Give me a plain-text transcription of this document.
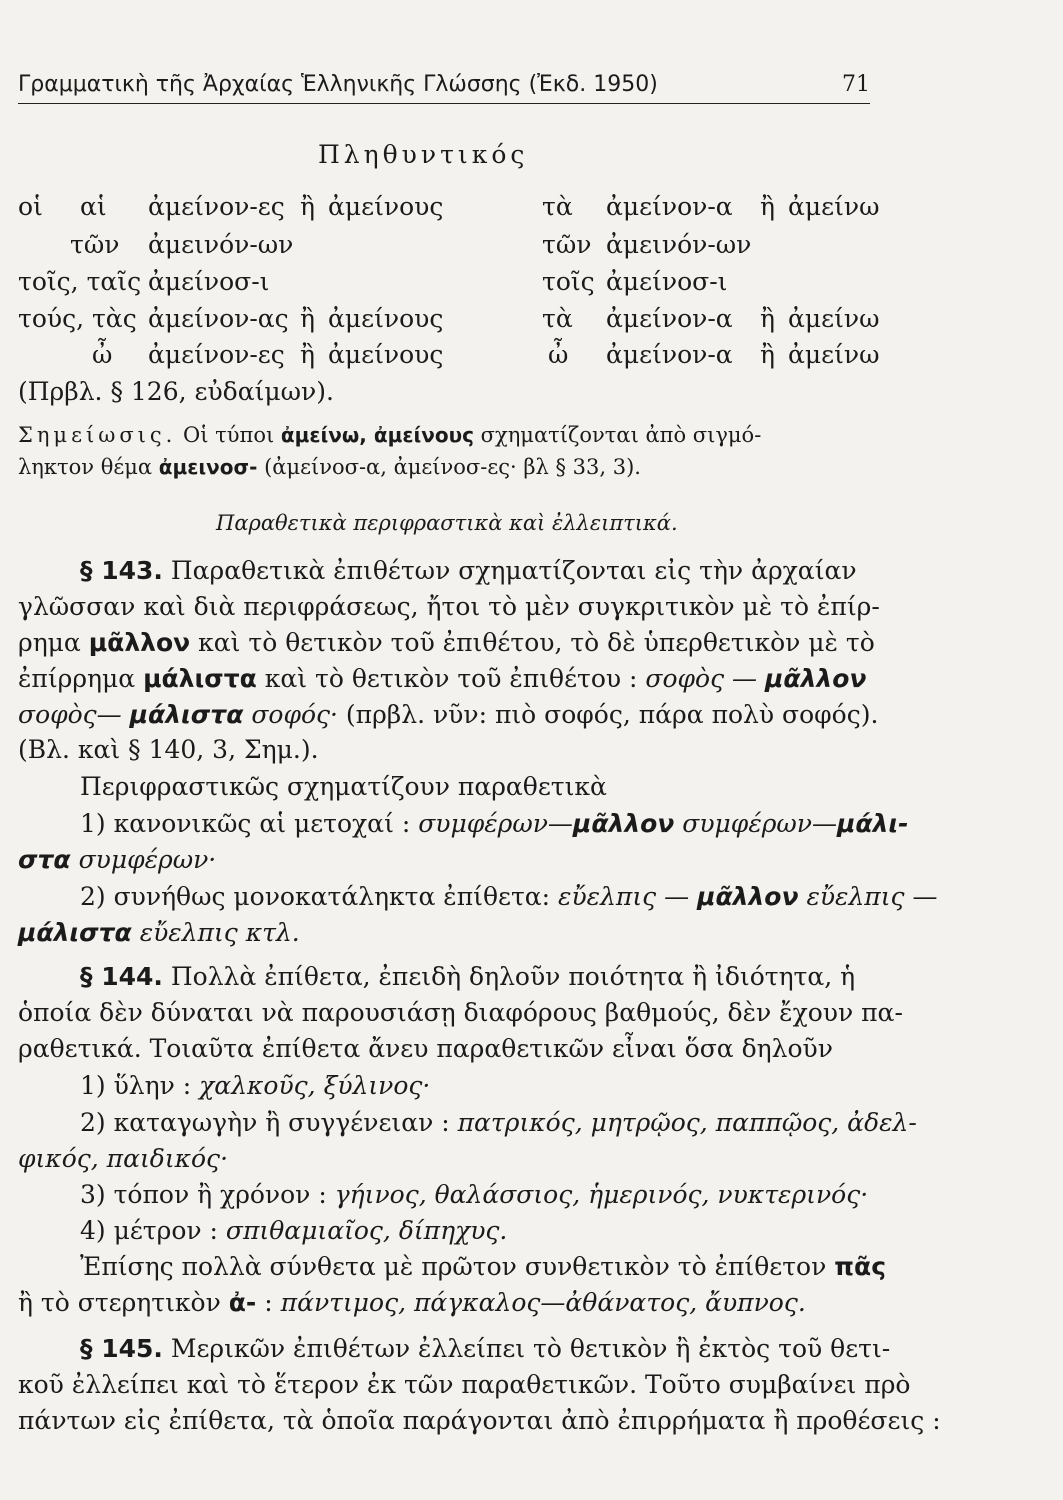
Γραμματικὴ τῆς Ἀρχαίας Ἑλληνικῆς Γλώσσης (Ἐκδ. 1950)	71
Πληθυντικός
οἱ αἱ ἀμείνον-ες ἢ ἀμείνους	τὰ ἀμείνον-α ἢ ἀμείνω
τῶν ἀμεινόν-ων	τῶν ἀμεινόν-ων
τοῖς, ταῖς ἀμείνοσ-ι	τοῖς ἀμείνοσ-ι
τούς, τὰς ἀμείνον-ας ἢ ἀμείνους	τὰ ἀμείνον-α ἢ ἀμείνω
ὦ ἀμείνον-ες ἢ ἀμείνους	ὦ ἀμείνον-α ἢ ἀμείνω
(Πρβλ. § 126, εὐδαίμων).
Σημείωσις. Οἱ τύποι ἀμείνω, ἀμείνους σχηματίζονται ἀπὸ σιγμό-
ληκτον θέμα ἀμεινοσ- (ἀμείνοσ-α, ἀμείνοσ-ες· βλ § 33, 3).
Παραθετικὰ περιφραστικὰ καὶ ἐλλειπτικά.
§ 143. Παραθετικὰ ἐπιθέτων σχηματίζονται εἰς τὴν ἀρχαίαν
γλῶσσαν καὶ διὰ περιφράσεως, ἤτοι τὸ μὲν συγκριτικὸν μὲ τὸ ἐπίρ-
ρημα μᾶλλον καὶ τὸ θετικὸν τοῦ ἐπιθέτου, τὸ δὲ ὑπερθετικὸν μὲ τὸ
ἐπίρρημα μάλιστα καὶ τὸ θετικὸν τοῦ ἐπιθέτου : σοφὸς — μᾶλλον
σοφὸς— μάλιστα σοφός· (πρβλ. νῦν: πιὸ σοφός, πάρα πολὺ σοφός).
(Βλ. καὶ § 140, 3, Σημ.).
Περιφραστικῶς σχηματίζουν παραθετικὰ
1) κανονικῶς αἱ μετοχαί : συμφέρων—μᾶλλον συμφέρων—μάλι-
στα συμφέρων·
2) συνήθως μονοκατάληκτα ἐπίθετα: εὔελπις — μᾶλλον εὔελπις —
μάλιστα εὔελπις κτλ.
§ 144. Πολλὰ ἐπίθετα, ἐπειδὴ δηλοῦν ποιότητα ἢ ἰδιότητα, ἡ
ὁποία δὲν δύναται νὰ παρουσιάσῃ διαφόρους βαθμούς, δὲν ἔχουν πα-
ραθετικά. Τοιαῦτα ἐπίθετα ἄνευ παραθετικῶν εἶναι ὅσα δηλοῦν
1) ὕλην : χαλκοῦς, ξύλινος·
2) καταγωγὴν ἢ συγγένειαν : πατρικός, μητρῷος, παππῷος, ἀδελ-
φικός, παιδικός·
3) τόπον ἢ χρόνον : γήινος, θαλάσσιος, ἡμερινός, νυκτερινός·
4) μέτρον : σπιθαμιαῖος, δίπηχυς.
Ἐπίσης πολλὰ σύνθετα μὲ πρῶτον συνθετικὸν τὸ ἐπίθετον πᾶς
ἢ τὸ στερητικὸν ἀ- : πάντιμος, πάγκαλος—ἀθάνατος, ἄυπνος.
§ 145. Μερικῶν ἐπιθέτων ἐλλείπει τὸ θετικὸν ἢ ἐκτὸς τοῦ θετι-
κοῦ ἐλλείπει καὶ τὸ ἕτερον ἐκ τῶν παραθετικῶν. Τοῦτο συμβαίνει πρὸ
πάντων εἰς ἐπίθετα, τὰ ὁποῖα παράγονται ἀπὸ ἐπιρρήματα ἢ προθέσεις :
